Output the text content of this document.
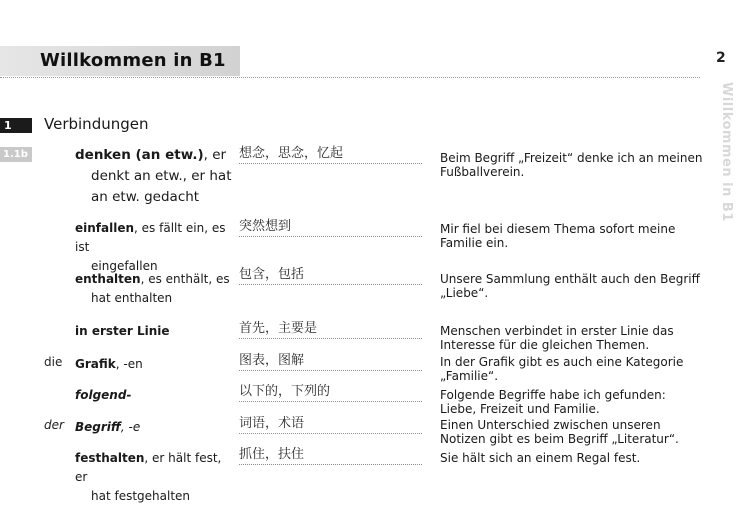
Willkommen in B1	2
Willkommen in B1
1	Verbindungen
1.1b	denken (an etw.), er
denkt an etw., er hat
an etw. gedacht
想念，思念，忆起	Beim Begriff „Freizeit“ denke ich an meinen Fußballverein.
einfallen, es fällt ein, es ist
eingefallen
突然想到	Mir fiel bei diesem Thema sofort meine Familie ein.
enthalten, es enthält, es
hat enthalten
包含，包括	Unsere Sammlung enthält auch den Begriff „Liebe“.
in erster Linie	首先，主要是	Menschen verbindet in erster Linie das Interesse für die gleichen Themen.
die Grafik, -en	图表，图解	In der Grafik gibt es auch eine Kategorie „Familie“.
folgend-	以下的，下列的	Folgende Begriffe habe ich gefunden: Liebe, Freizeit und Familie.
der Begriff, -e	词语，术语	Einen Unterschied zwischen unseren Notizen gibt es beim Begriff „Literatur“.
festhalten, er hält fest, er
hat festgehalten
抓住，扶住	Sie hält sich an einem Regal fest.
